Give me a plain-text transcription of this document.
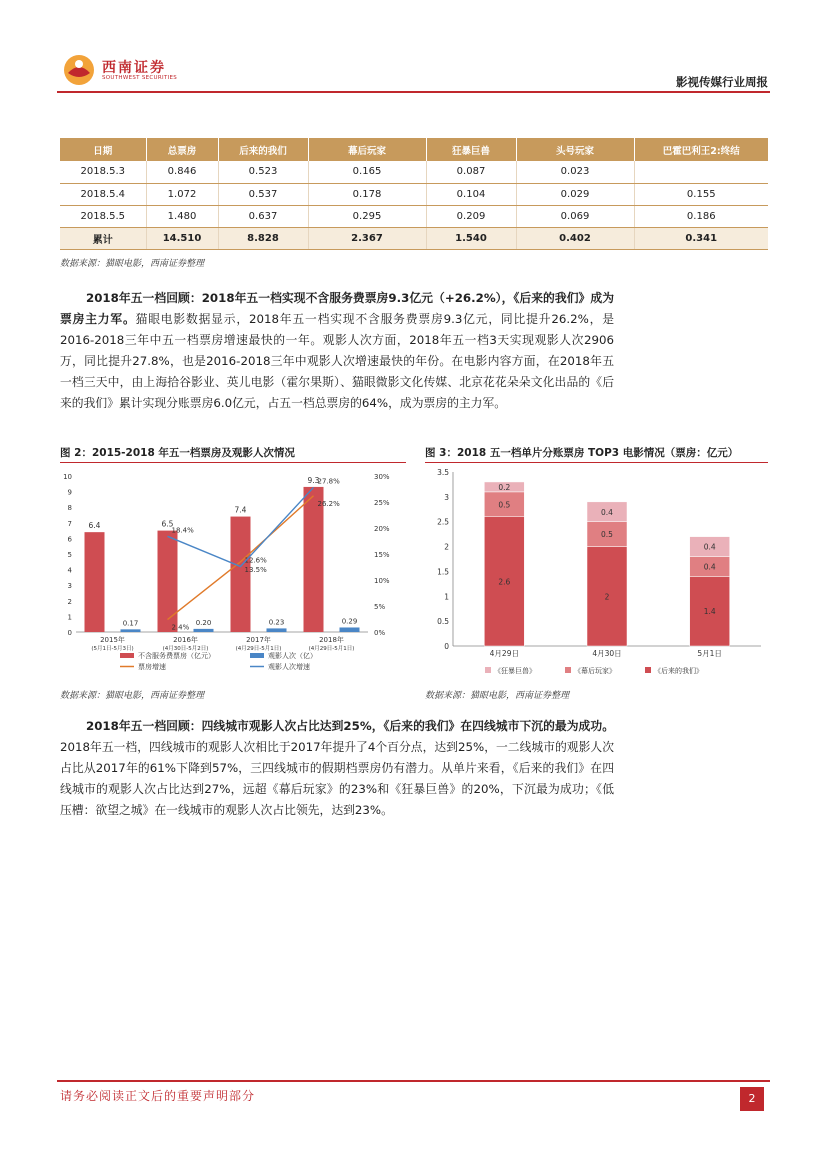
西南证券
SOUTHWEST SECURITIES	影视传媒行业周报
日期	总票房	后来的我们	幕后玩家	狂暴巨兽	头号玩家	巴霍巴利王2:终结
2018.5.3	0.846	0.523	0.165	0.087	0.023	
2018.5.4	1.072	0.537	0.178	0.104	0.029	0.155
2018.5.5	1.480	0.637	0.295	0.209	0.069	0.186
累计	14.510	8.828	2.367	1.540	0.402	0.341
数据来源：猫眼电影，西南证券整理
2018年五一档回顾：2018年五一档实现不含服务费票房9.3亿元（+26.2%），《后来的我们》成为票房主力军。猫眼电影数据显示，2018年五一档实现不含服务费票房9.3亿元，同比提升26.2%，是2016-2018三年中五一档票房增速最快的一年。观影人次方面，2018年五一档3天实现观影人次2906万，同比提升27.8%，也是2016-2018三年中观影人次增速最快的年份。在电影内容方面，在2018年五一档三天中，由上海拾谷影业、英儿电影（霍尔果斯）、猫眼微影文化传媒、北京花花朵朵文化出品的《后来的我们》累计实现分账票房6.0亿元，占五一档总票房的64%，成为票房的主力军。
图 2：2015-2018 年五一档票房及观影人次情况
0
1
2
3
4
5
6
7
8
9
10
0%
5%
10%
15%
20%
25%
30%
6.4
0.17
2015年
(5月1日-5月3日)
6.5
0.20
2016年
(4月30日-5月2日)
7.4
0.23
2017年
(4月29日-5月1日)
9.3
0.29
2018年
(4月29日-5月1日)
2.4%
13.5%
26.2%
18.4%
12.6%
27.8%
不含服务费票房（亿元）	观影人次（亿）
票房增速	观影人次增速
数据来源：猫眼电影，西南证券整理
图 3：2018 五一档单片分账票房 TOP3 电影情况（票房：亿元）
0
0.5
1
1.5
2
2.5
3
3.5
2.6
0.5
0.2
4月29日
2
0.5
0.4
4月30日
1.4
0.4
0.4
5月1日
《狂暴巨兽》	《幕后玩家》	《后来的我们》
数据来源：猫眼电影，西南证券整理
2018年五一档回顾：四线城市观影人次占比达到25%，《后来的我们》在四线城市下沉的最为成功。2018年五一档，四线城市的观影人次相比于2017年提升了4个百分点，达到25%，一二线城市的观影人次占比从2017年的61%下降到57%，三四线城市的假期档票房仍有潜力。从单片来看，《后来的我们》在四线城市的观影人次占比达到27%，远超《幕后玩家》的23%和《狂暴巨兽》的20%，下沉最为成功；《低压槽：欲望之城》在一线城市的观影人次占比领先，达到23%。
请务必阅读正文后的重要声明部分	2
